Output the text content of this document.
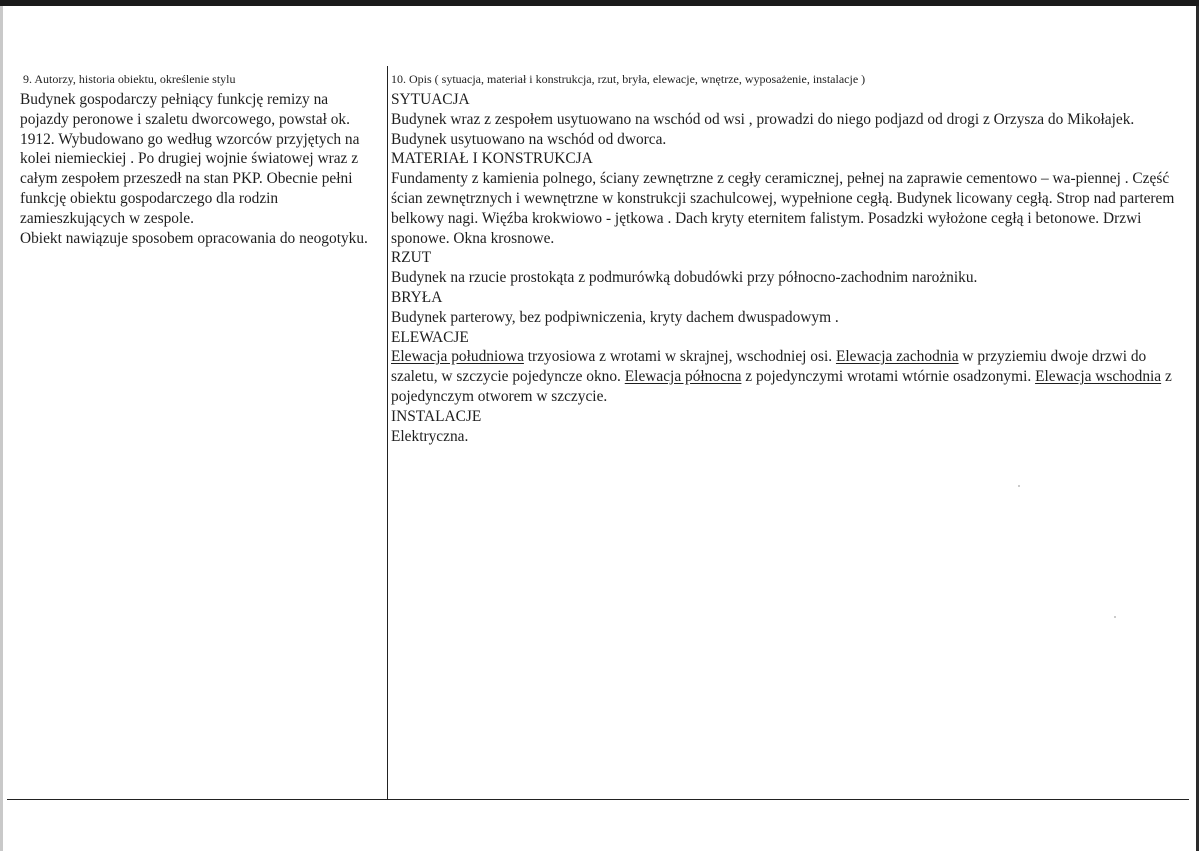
9. Autorzy, historia obiektu, określenie stylu

Budynek gospodarczy pełniący funkcję remizy na pojazdy peronowe i szaletu dworcowego, powstał ok. 1912. Wybudowano go według wzorców przyjętych na kolei niemieckiej . Po drugiej wojnie światowej wraz z całym zespołem przeszedł na stan PKP. Obecnie pełni funkcję obiektu gospodarczego dla rodzin zamieszkujących w zespole.

Obiekt nawiązuje sposobem opracowania do neogotyku.

10. Opis ( sytuacja, materiał i konstrukcja, rzut, bryła, elewacje, wnętrze, wyposażenie, instalacje )
SYTUACJA

Budynek wraz z zespołem usytuowano na wschód od wsi , prowadzi do niego podjazd od drogi z Orzysza do Mikołajek. Budynek usytuowano na wschód od dworca.

MATERIAŁ I KONSTRUKCJA

Fundamenty z kamienia polnego, ściany zewnętrzne z cegły ceramicznej, pełnej na zaprawie cementowo – wa-piennej . Część ścian zewnętrznych i wewnętrzne w konstrukcji szachulcowej, wypełnione cegłą. Budynek licowany cegłą. Strop nad parterem belkowy nagi. Więźba krokwiowo - jętkowa . Dach kryty eternitem falistym. Posadzki wyłożone cegłą i betonowe. Drzwi sponowe. Okna krosnowe.

RZUT

Budynek na rzucie prostokąta z podmurówką dobudówki przy północno-zachodnim narożniku.

BRYŁA

Budynek parterowy, bez podpiwniczenia, kryty dachem dwuspadowym .

ELEWACJE

Elewacja południowa trzyosiowa z wrotami w skrajnej, wschodniej osi. Elewacja zachodnia w przyziemiu dwoje drzwi do szaletu, w szczycie pojedyncze okno. Elewacja północna z pojedynczymi wrotami wtórnie osadzonymi. Elewacja wschodnia z pojedynczym otworem w szczycie.

INSTALACJE

Elektryczna.
